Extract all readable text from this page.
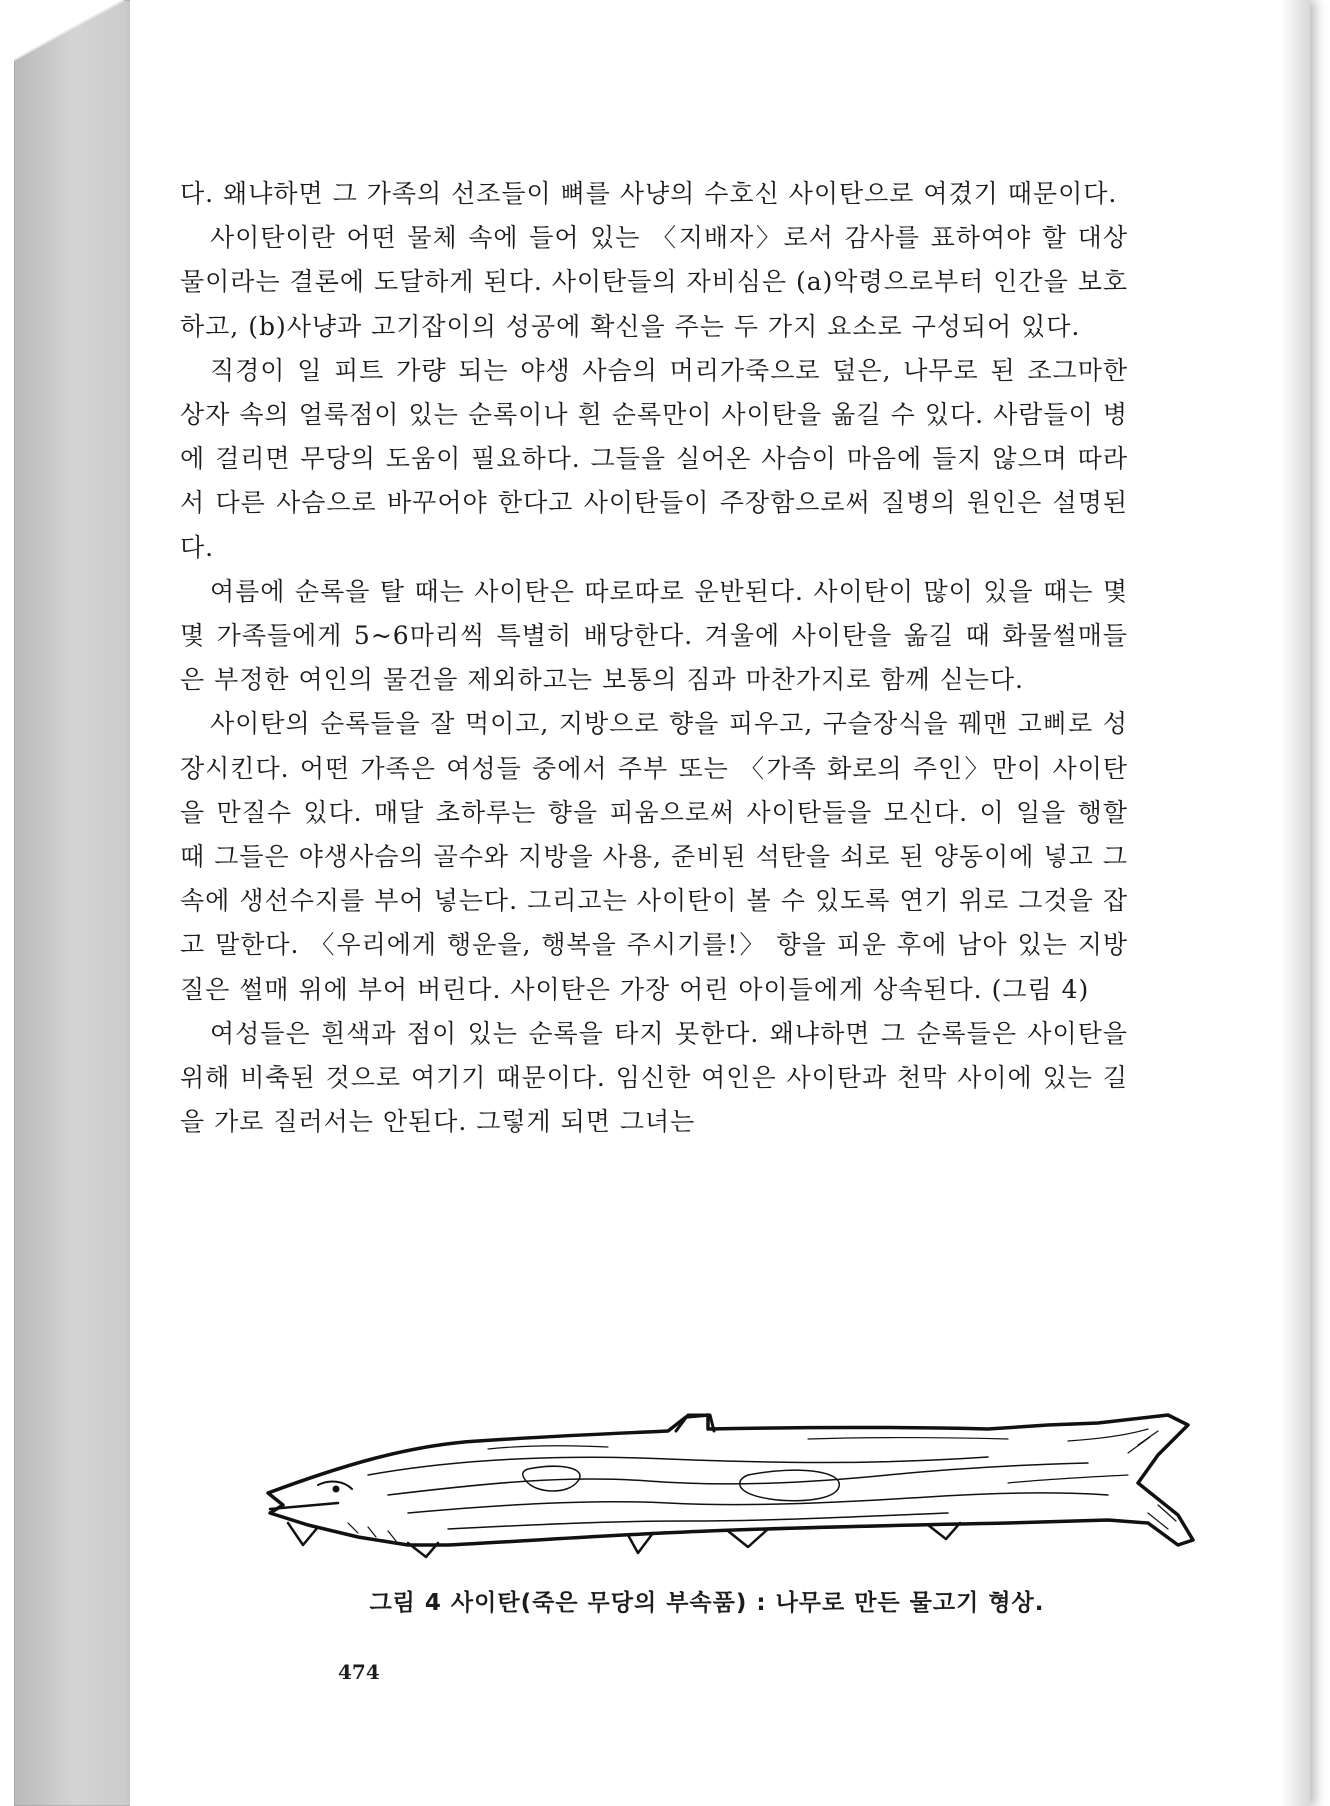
다. 왜냐하면 그 가족의 선조들이 뼈를 사냥의 수호신 사이탄으로 여겼기 때문이다.

사이탄이란 어떤 물체 속에 들어 있는 〈지배자〉로서 감사를 표하여야 할 대상물이라는 결론에 도달하게 된다. 사이탄들의 자비심은 (a)악령으로부터 인간을 보호하고, (b)사냥과 고기잡이의 성공에 확신을 주는 두 가지 요소로 구성되어 있다.

직경이 일 피트 가량 되는 야생 사슴의 머리가죽으로 덮은, 나무로 된 조그마한 상자 속의 얼룩점이 있는 순록이나 흰 순록만이 사이탄을 옮길 수 있다. 사람들이 병에 걸리면 무당의 도움이 필요하다. 그들을 실어온 사슴이 마음에 들지 않으며 따라서 다른 사슴으로 바꾸어야 한다고 사이탄들이 주장함으로써 질병의 원인은 설명된다.

여름에 순록을 탈 때는 사이탄은 따로따로 운반된다. 사이탄이 많이 있을 때는 몇몇 가족들에게 5~6마리씩 특별히 배당한다. 겨울에 사이탄을 옮길 때 화물썰매들은 부정한 여인의 물건을 제외하고는 보통의 짐과 마찬가지로 함께 싣는다.

사이탄의 순록들을 잘 먹이고, 지방으로 향을 피우고, 구슬장식을 꿰맨 고삐로 성장시킨다. 어떤 가족은 여성들 중에서 주부 또는 〈가족 화로의 주인〉만이 사이탄을 만질수 있다. 매달 초하루는 향을 피움으로써 사이탄들을 모신다. 이 일을 행할 때 그들은 야생사슴의 골수와 지방을 사용, 준비된 석탄을 쇠로 된 양동이에 넣고 그 속에 생선수지를 부어 넣는다. 그리고는 사이탄이 볼 수 있도록 연기 위로 그것을 잡고 말한다. 〈우리에게 행운을, 행복을 주시기를!〉 향을 피운 후에 남아 있는 지방질은 썰매 위에 부어 버린다. 사이탄은 가장 어린 아이들에게 상속된다. (그림 4)

여성들은 흰색과 점이 있는 순록을 타지 못한다. 왜냐하면 그 순록들은 사이탄을 위해 비축된 것으로 여기기 때문이다. 임신한 여인은 사이탄과 천막 사이에 있는 길을 가로 질러서는 안된다. 그렇게 되면 그녀는

그림 4 사이탄(죽은 무당의 부속품) : 나무로 만든 물고기 형상.
474
